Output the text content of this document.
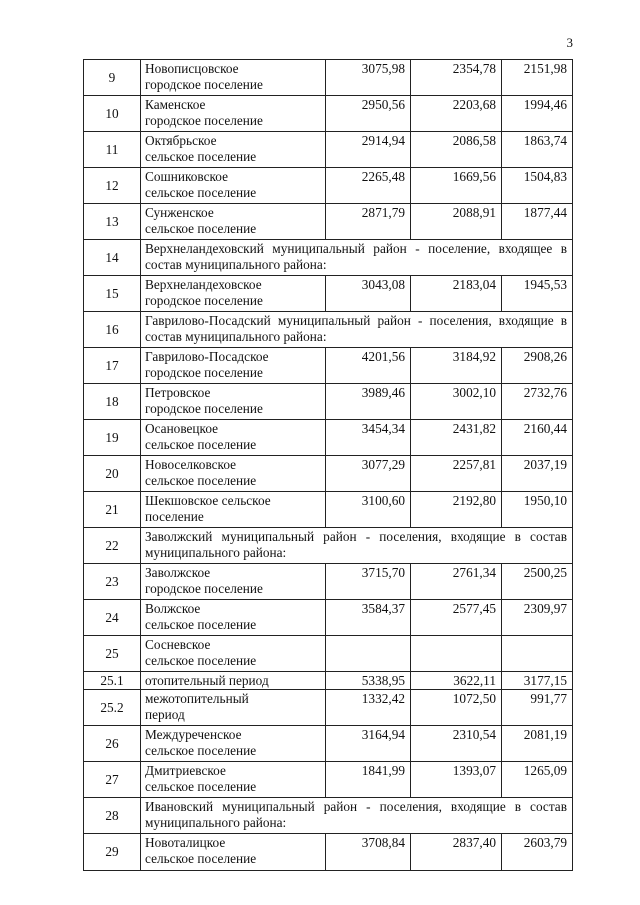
3
9	Новописцовское
городское поселение	3075,98	2354,78	2151,98
10	Каменское
городское поселение	2950,56	2203,68	1994,46
11	Октябрьское
сельское поселение	2914,94	2086,58	1863,74
12	Сошниковское
сельское поселение	2265,48	1669,56	1504,83
13	Сунженское
сельское поселение	2871,79	2088,91	1877,44
14	Верхнеландеховский муниципальный район - поселение, входящее в состав муниципального района:			

15	Верхнеландеховское
городское поселение	3043,08	2183,04	1945,53
16	Гаврилово-Посадский муниципальный район - поселения, входящие в состав муниципального района:			

17	Гаврилово-Посадское
городское поселение	4201,56	3184,92	2908,26
18	Петровское
городское поселение	3989,46	3002,10	2732,76
19	Осановецкое
сельское поселение	3454,34	2431,82	2160,44
20	Новоселковское
сельское поселение	3077,29	2257,81	2037,19
21	Шекшовское сельское
поселение	3100,60	2192,80	1950,10
22	Заволжский муниципальный район - поселения, входящие в состав муниципального района:			

23	Заволжское
городское поселение	3715,70	2761,34	2500,25
24	Волжское
сельское поселение	3584,37	2577,45	2309,97
25	Сосневское
сельское поселение			

25.1	отопительный период	5338,95	3622,11	3177,15
25.2	межотопительный
период	1332,42	1072,50	991,77
26	Междуреченское
сельское поселение	3164,94	2310,54	2081,19
27	Дмитриевское
сельское поселение	1841,99	1393,07	1265,09
28	Ивановский муниципальный район - поселения, входящие в состав муниципального района:			

29	Новоталицкое
сельское поселение	3708,84	2837,40	2603,79
